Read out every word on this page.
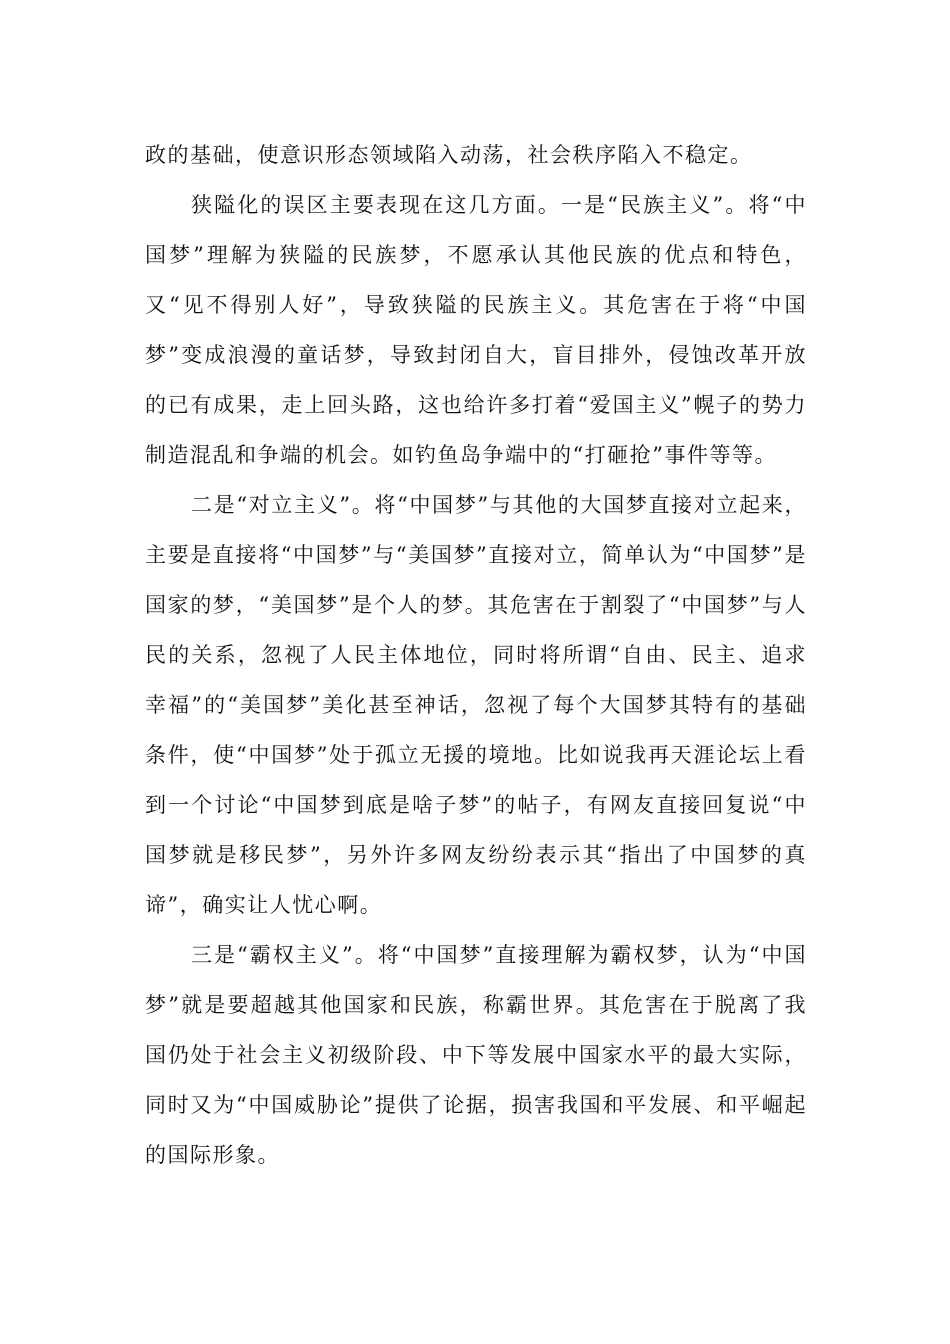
政的基础，使意识形态领域陷入动荡，社会秩序陷入不稳定。

狭隘化的误区主要表现在这几方面。一是“民族主义”。将“中国梦”理解为狭隘的民族梦，不愿承认其他民族的优点和特色，又“见不得别人好”，导致狭隘的民族主义。其危害在于将“中国梦”变成浪漫的童话梦，导致封闭自大，盲目排外，侵蚀改革开放的已有成果，走上回头路，这也给许多打着“爱国主义”幌子的势力制造混乱和争端的机会。如钓鱼岛争端中的“打砸抢”事件等等。

二是“对立主义”。将“中国梦”与其他的大国梦直接对立起来，主要是直接将“中国梦”与“美国梦”直接对立，简单认为“中国梦”是国家的梦，“美国梦”是个人的梦。其危害在于割裂了“中国梦”与人民的关系，忽视了人民主体地位，同时将所谓“自由、民主、追求幸福”的“美国梦”美化甚至神话，忽视了每个大国梦其特有的基础条件，使“中国梦”处于孤立无援的境地。比如说我再天涯论坛上看到一个讨论“中国梦到底是啥子梦”的帖子，有网友直接回复说“中国梦就是移民梦”，另外许多网友纷纷表示其“指出了中国梦的真谛”，确实让人忧心啊。

三是“霸权主义”。将“中国梦”直接理解为霸权梦，认为“中国梦”就是要超越其他国家和民族，称霸世界。其危害在于脱离了我国仍处于社会主义初级阶段、中下等发展中国家水平的最大实际，同时又为“中国威胁论”提供了论据，损害我国和平发展、和平崛起的国际形象。
